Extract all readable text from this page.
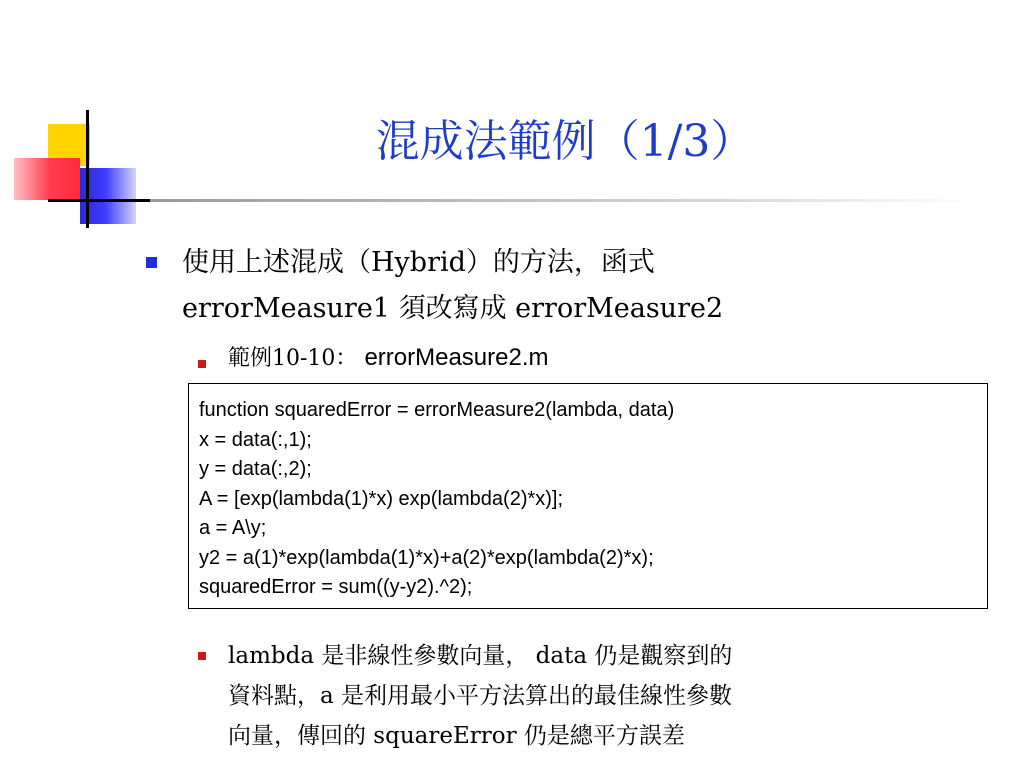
混成法範例（1/3）
使用上述混成（Hybrid）的方法，函式
errorMeasure1 須改寫成 errorMeasure2
範例10-10： errorMeasure2.m
function squaredError = errorMeasure2(lambda, data)
x = data(:,1);
y = data(:,2);
A = [exp(lambda(1)*x) exp(lambda(2)*x)];
a = A\y;
y2 = a(1)*exp(lambda(1)*x)+a(2)*exp(lambda(2)*x);
squaredError = sum((y-y2).^2);
lambda 是非線性參數向量， data 仍是觀察到的
資料點，a 是利用最小平方法算出的最佳線性參數
向量，傳回的 squareError 仍是總平方誤差
